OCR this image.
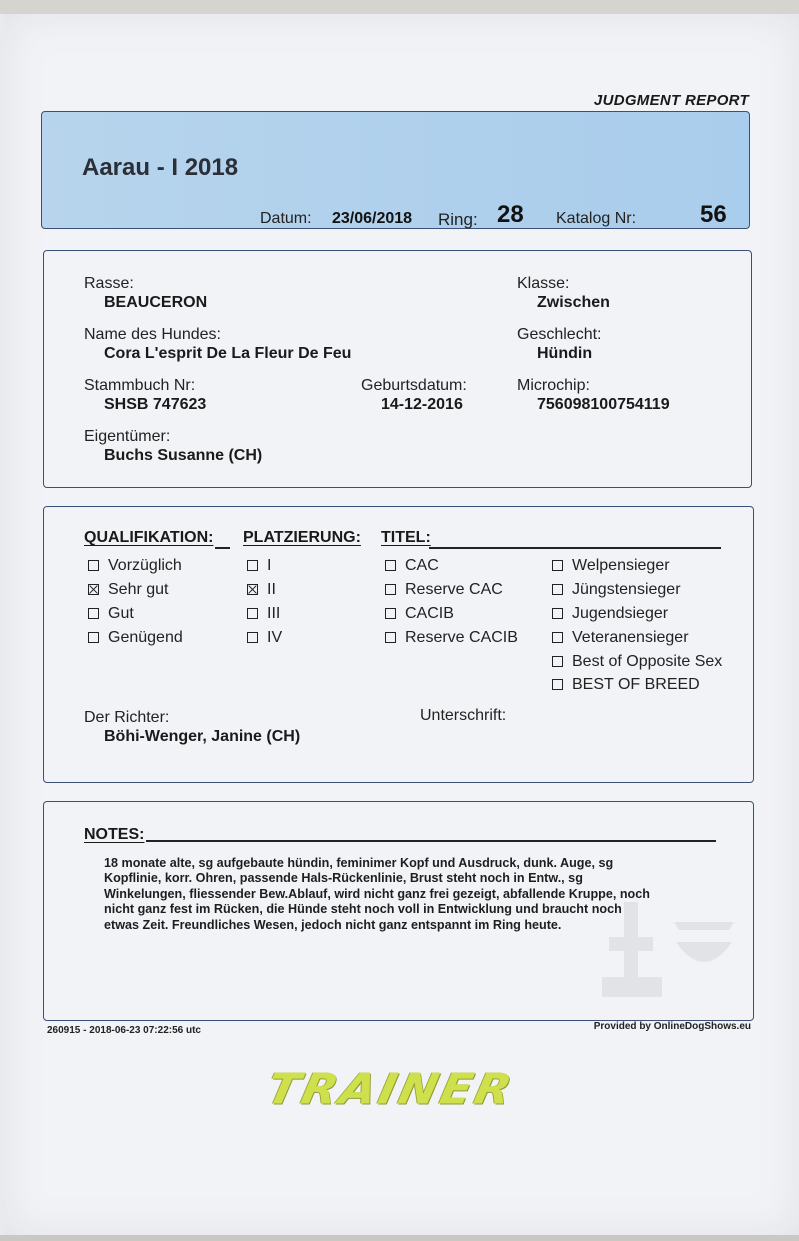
JUDGMENT REPORT
Aarau - I 2018
Datum: 23/06/2018 Ring: 28 Katalog Nr:	56
Rasse:
BEAUCERON
Klasse:
Zwischen
Name des Hundes:
Cora L'esprit De La Fleur De Feu
Geschlecht:
Hündin
Stammbuch Nr:
SHSB 747623
Geburtsdatum:
14-12-2016
Microchip:
756098100754119
Eigentümer:
Buchs Susanne (CH)
QUALIFIKATION: PLATZIERUNG: TITEL:
Vorzüglich
Sehr gut
Gut
Genügend
I
II
III
IV
CAC
Reserve CAC
CACIB
Reserve CACIB
Welpensieger
Jüngstensieger
Jugendsieger
Veteranensieger
Best of Opposite Sex
BEST OF BREED
Der Richter:
Böhi-Wenger, Janine (CH)
Unterschrift:
NOTES:
18 monate alte, sg aufgebaute hündin, feminimer Kopf und Ausdruck, dunk. Auge, sg
Kopflinie, korr. Ohren, passende Hals-Rückenlinie, Brust steht noch in Entw., sg
Winkelungen, fliessender Bew.Ablauf, wird nicht ganz frei gezeigt, abfallende Kruppe, noch
nicht ganz fest im Rücken, die Hünde steht noch voll in Entwicklung und braucht noch
etwas Zeit. Freundliches Wesen, jedoch nicht ganz entspannt im Ring heute.
260915 - 2018-06-23 07:22:56 utc	Provided by OnlineDogShows.eu
TRAINER
